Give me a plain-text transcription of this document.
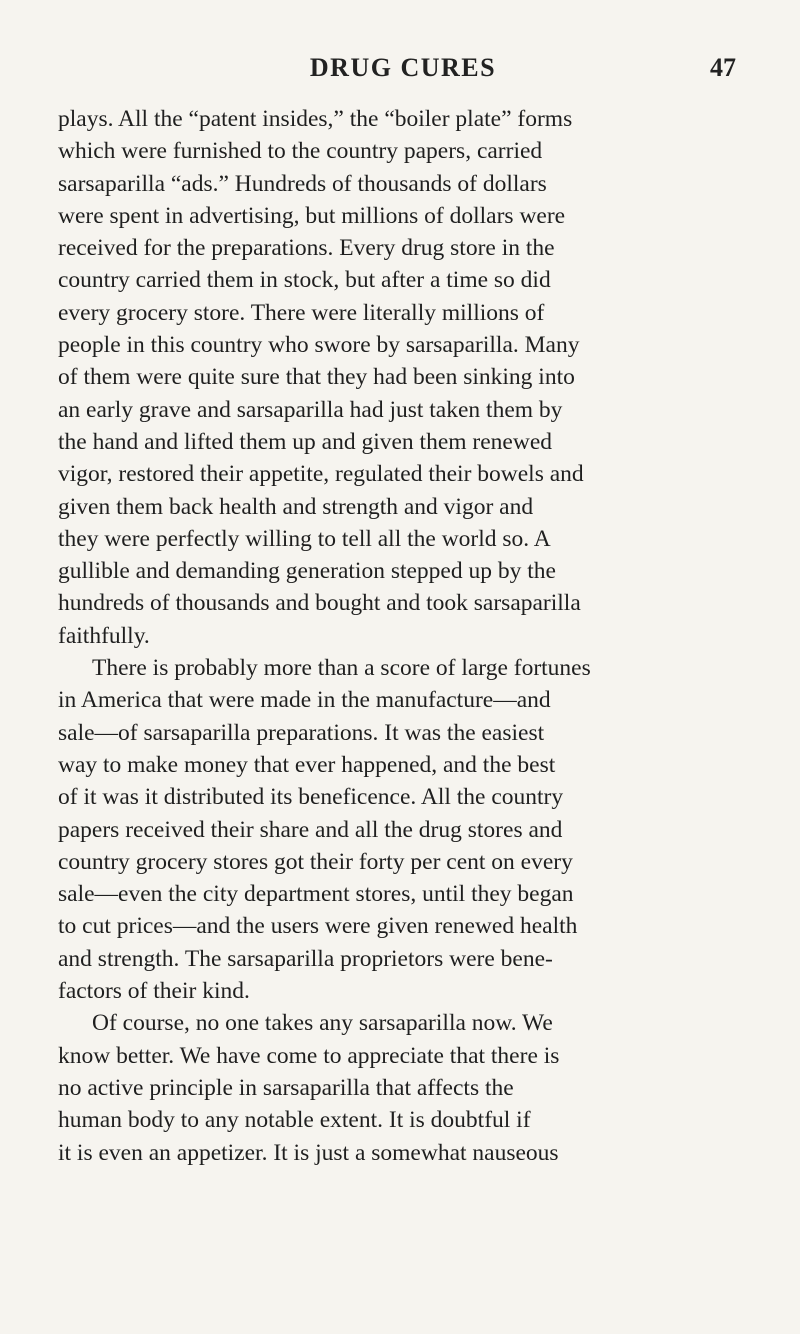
DRUG CURES	47

plays. All the “patent insides,” the “boiler plate” forms
which were furnished to the country papers, carried
sarsaparilla “ads.” Hundreds of thousands of dollars
were spent in advertising, but millions of dollars were
received for the preparations. Every drug store in the
country carried them in stock, but after a time so did
every grocery store. There were literally millions of
people in this country who swore by sarsaparilla. Many
of them were quite sure that they had been sinking into
an early grave and sarsaparilla had just taken them by
the hand and lifted them up and given them renewed
vigor, restored their appetite, regulated their bowels and
given them back health and strength and vigor and
they were perfectly willing to tell all the world so. A
gullible and demanding generation stepped up by the
hundreds of thousands and bought and took sarsaparilla
faithfully.

There is probably more than a score of large fortunes
in America that were made in the manufacture—and
sale—of sarsaparilla preparations. It was the easiest
way to make money that ever happened, and the best
of it was it distributed its beneficence. All the country
papers received their share and all the drug stores and
country grocery stores got their forty per cent on every
sale—even the city department stores, until they began
to cut prices—and the users were given renewed health
and strength. The sarsaparilla proprietors were bene-
factors of their kind.

Of course, no one takes any sarsaparilla now. We
know better. We have come to appreciate that there is
no active principle in sarsaparilla that affects the
human body to any notable extent. It is doubtful if
it is even an appetizer. It is just a somewhat nauseous
